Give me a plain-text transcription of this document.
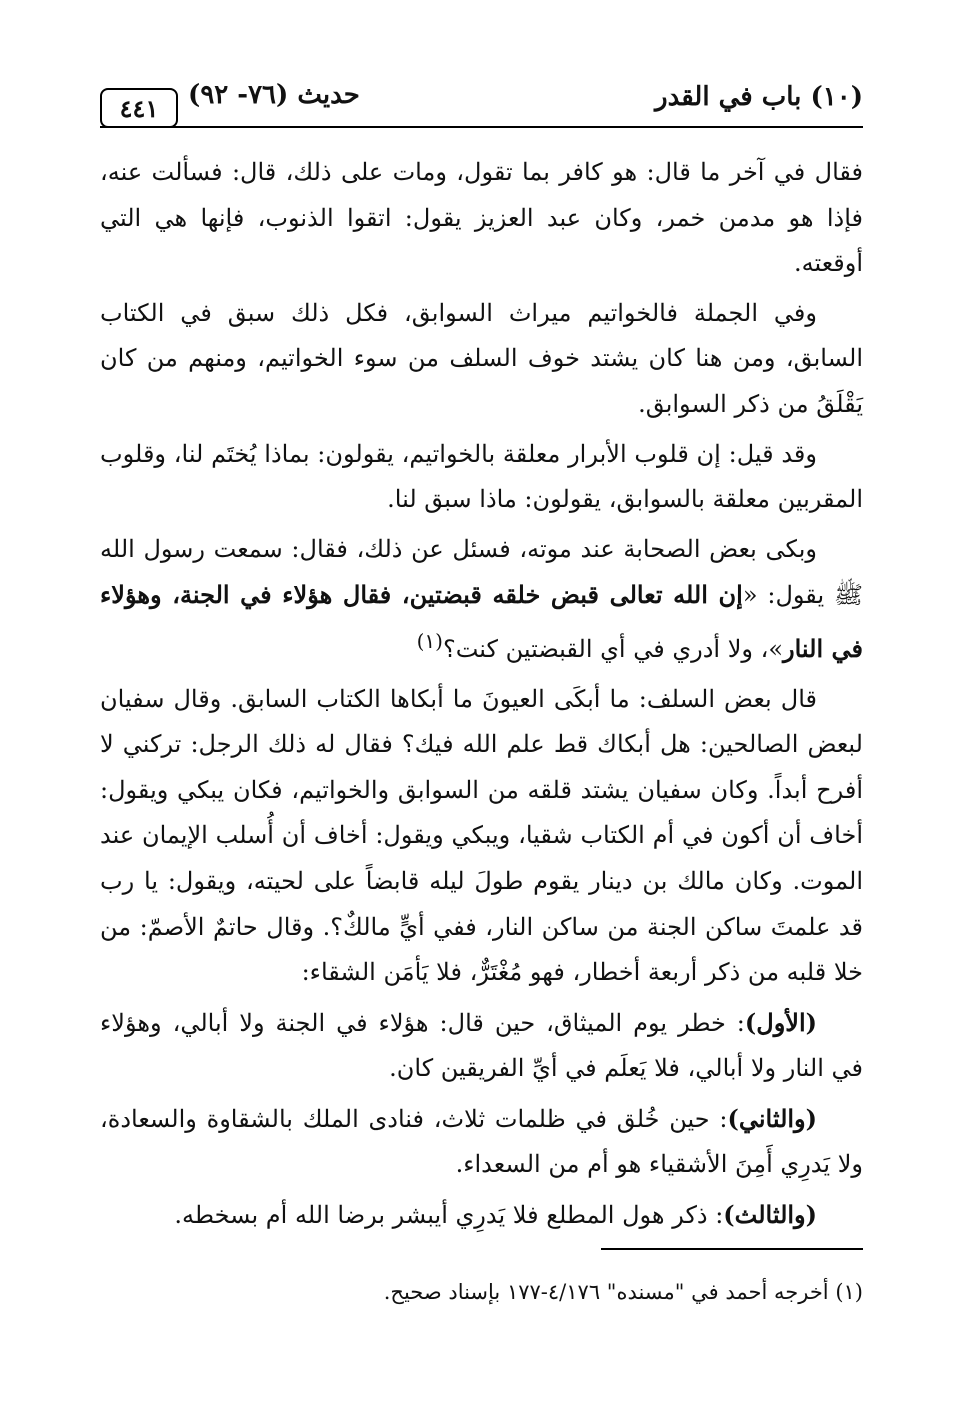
(١٠) باب في القدر
حديث (٧٦- ٩٢)
٤٤١

فقال في آخر ما قال: هو كافر بما تقول، ومات على ذلك، قال: فسألت عنه، فإذا هو مدمن خمر، وكان عبد العزيز يقول: اتقوا الذنوب، فإنها هي التي أوقعته.

وفي الجملة فالخواتيم ميراث السوابق، فكل ذلك سبق في الكتاب السابق، ومن هنا كان يشتد خوف السلف من سوء الخواتيم، ومنهم من كان يَقْلَقُ من ذكر السوابق.

وقد قيل: إن قلوب الأبرار معلقة بالخواتيم، يقولون: بماذا يُختَم لنا، وقلوب المقربين معلقة بالسوابق، يقولون: ماذا سبق لنا.

وبكى بعض الصحابة عند موته، فسئل عن ذلك، فقال: سمعت رسول الله ﷺ يقول: «إن الله تعالى قبض خلقه قبضتين، فقال هؤلاء في الجنة، وهؤلاء في النار»، ولا أدري في أي القبضتين كنت؟$^{(١)}$

قال بعض السلف: ما أبكَى العيونَ ما أبكاها الكتاب السابق. وقال سفيان لبعض الصالحين: هل أبكاك قط علم الله فيك؟ فقال له ذلك الرجل: تركني لا أفرح أبداً. وكان سفيان يشتد قلقه من السوابق والخواتيم، فكان يبكي ويقول: أخاف أن أكون في أم الكتاب شقيا، ويبكي ويقول: أخاف أن أُسلب الإيمان عند الموت. وكان مالك بن دينار يقوم طولَ ليله قابضاً على لحيته، ويقول: يا رب قد علمتَ ساكن الجنة من ساكن النار، ففي أيٍّ مالكٌ؟. وقال حاتمٌ الأصمّ: من خلا قلبه من ذكر أربعة أخطار، فهو مُغْتَرٌّ، فلا يَأمَن الشقاء:

(الأول): خطر يوم الميثاق، حين قال: هؤلاء في الجنة ولا أبالي، وهؤلاء في النار ولا أبالي، فلا يَعلَم في أيِّ الفريقين كان.

(والثاني): حين خُلق في ظلمات ثلاث، فنادى الملك بالشقاوة والسعادة، ولا يَدرِي أَمِنَ الأشقياء هو أم من السعداء.

(والثالث): ذكر هول المطلع فلا يَدرِي أيبشر برضا الله أم بسخطه.

(١) أخرجه أحمد في "مسنده" ٤/١٧٦-١٧٧ بإسناد صحيح.
